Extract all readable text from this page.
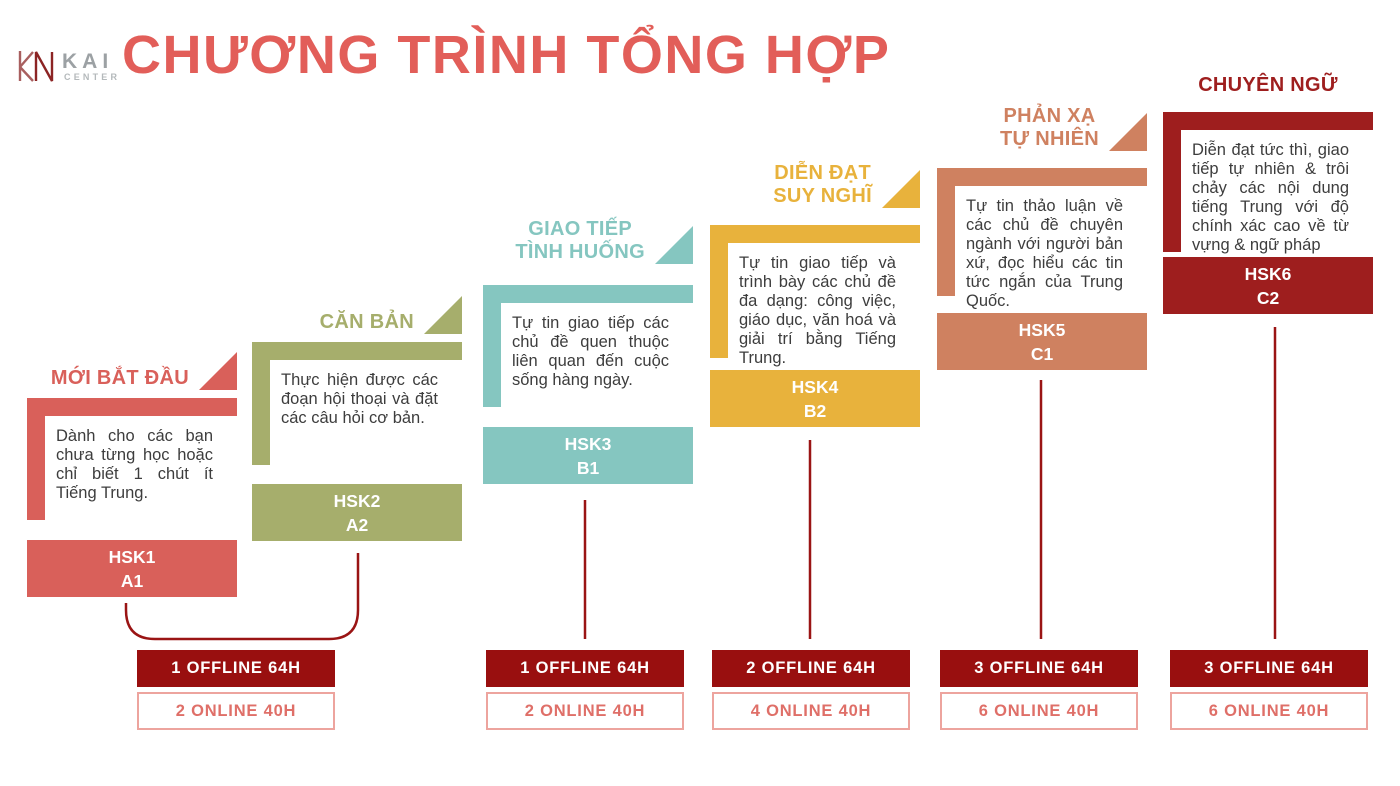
KAI
CENTER CHƯƠNG TRÌNH TỔNG HỢP
MỚI BẮT ĐẦU
Dành cho các bạn chưa từng học hoặc chỉ biết 1 chút ít Tiếng Trung.
HSK1
A1
CĂN BẢN
Thực hiện được các đoạn hội thoại và đặt các câu hỏi cơ bản.
HSK2
A2
GIAO TIẾP
TÌNH HUỐNG
Tự tin giao tiếp các chủ đề quen thuộc liên quan đến cuộc sống hàng ngày.
HSK3
B1
DIỄN ĐẠT
SUY NGHĨ
Tự tin giao tiếp và trình bày các chủ đề đa dạng: công việc, giáo dục, văn hoá và giải trí bằng Tiếng Trung.
HSK4
B2
PHẢN XẠ
TỰ NHIÊN
Tự tin thảo luận về các chủ đề chuyên ngành với người bản xứ, đọc hiểu các tin tức ngắn của Trung Quốc.
HSK5
C1
CHUYÊN NGỮ
Diễn đạt tức thì, giao tiếp tự nhiên & trôi chảy các nội dung tiếng Trung với độ chính xác cao về từ vựng & ngữ pháp
HSK6
C2
1 OFFLINE 64H
2 ONLINE 40H
1 OFFLINE 64H
2 ONLINE 40H
2 OFFLINE 64H
4 ONLINE 40H
3 OFFLINE 64H
6 ONLINE 40H
3 OFFLINE 64H
6 ONLINE 40H
